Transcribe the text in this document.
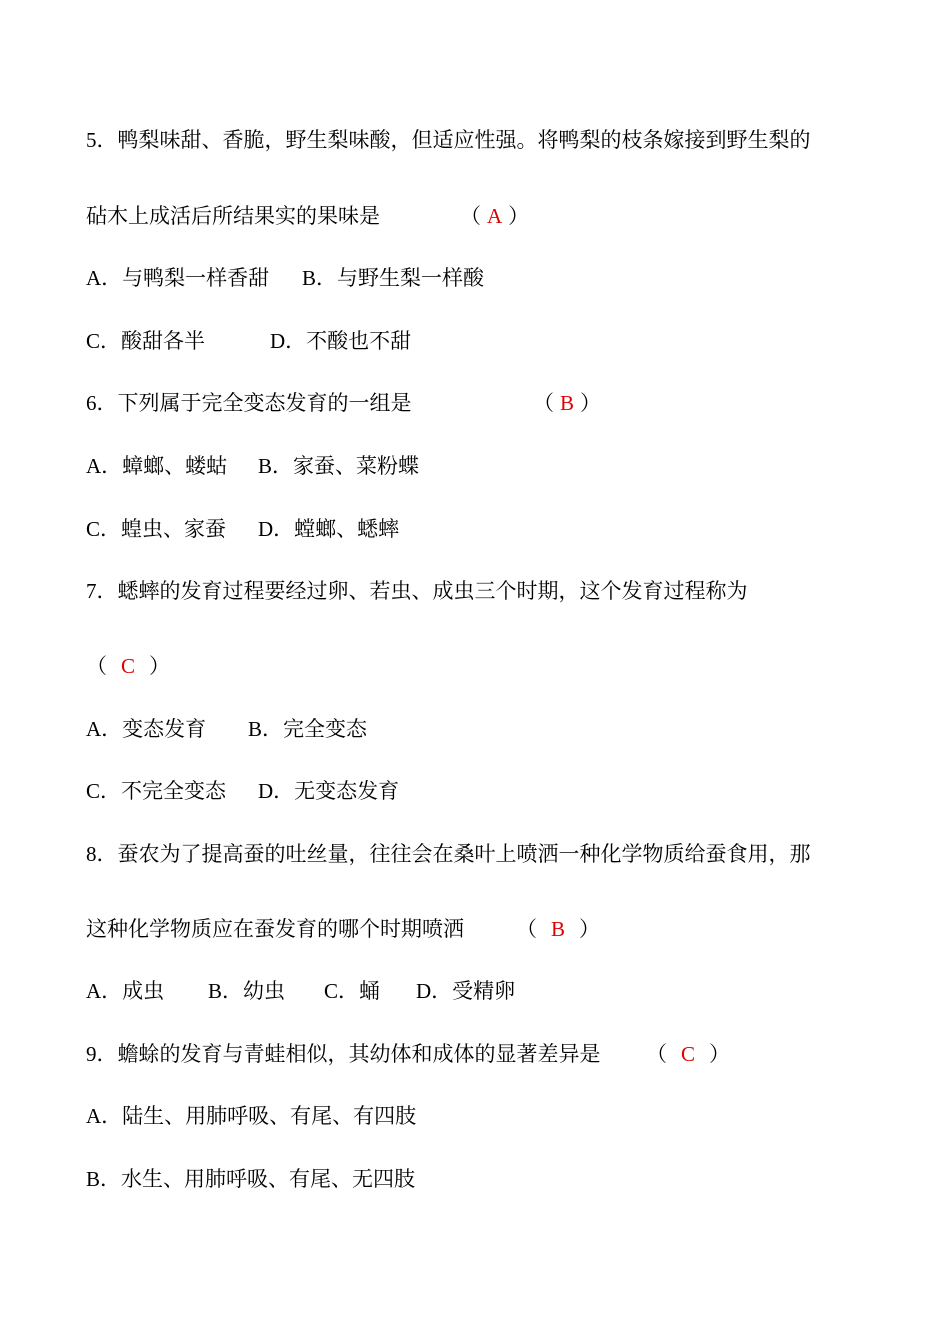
5．鸭梨味甜、香脆，野生梨味酸，但适应性强。将鸭梨的枝条嫁接到野生梨的
砧木上成活后所结果实的果味是	（ A ）
A．与鸭梨一样香甜 B．与野生梨一样酸
C．酸甜各半	D．不酸也不甜
6．下列属于完全变态发育的一组是	（ B ）
A．蟑螂、蝼蛄 B．家蚕、菜粉蝶
C．蝗虫、家蚕 D．螳螂、蟋蟀
7．蟋蟀的发育过程要经过卵、若虫、成虫三个时期，这个发育过程称为
（ C ）
A．变态发育 B．完全变态
C．不完全变态 D．无变态发育
8．蚕农为了提高蚕的吐丝量，往往会在桑叶上喷洒一种化学物质给蚕食用，那
这种化学物质应在蚕发育的哪个时期喷洒 （ B ）
A．成虫 B．幼虫 C．蛹 D．受精卵
9．蟾蜍的发育与青蛙相似，其幼体和成体的显著差异是 （ C ）
A．陆生、用肺呼吸、有尾、有四肢
B．水生、用肺呼吸、有尾、无四肢
